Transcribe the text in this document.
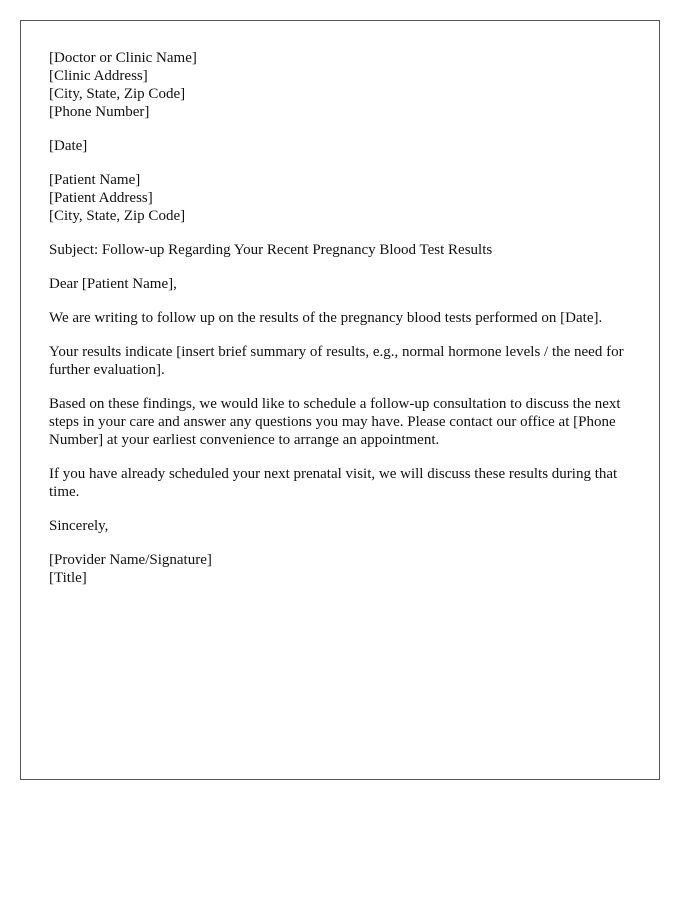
[Doctor or Clinic Name]
[Clinic Address]
[City, State, Zip Code]
[Phone Number]
[Date]
[Patient Name]
[Patient Address]
[City, State, Zip Code]

Subject: Follow-up Regarding Your Recent Pregnancy Blood Test Results

Dear [Patient Name],

We are writing to follow up on the results of the pregnancy blood tests performed on [Date].

Your results indicate [insert brief summary of results, e.g., normal hormone levels / the need for further evaluation].

Based on these findings, we would like to schedule a follow-up consultation to discuss the next steps in your care and answer any questions you may have. Please contact our office at [Phone Number] at your earliest convenience to arrange an appointment.

If you have already scheduled your next prenatal visit, we will discuss these results during that time.

Sincerely,

[Provider Name/Signature]
[Title]
